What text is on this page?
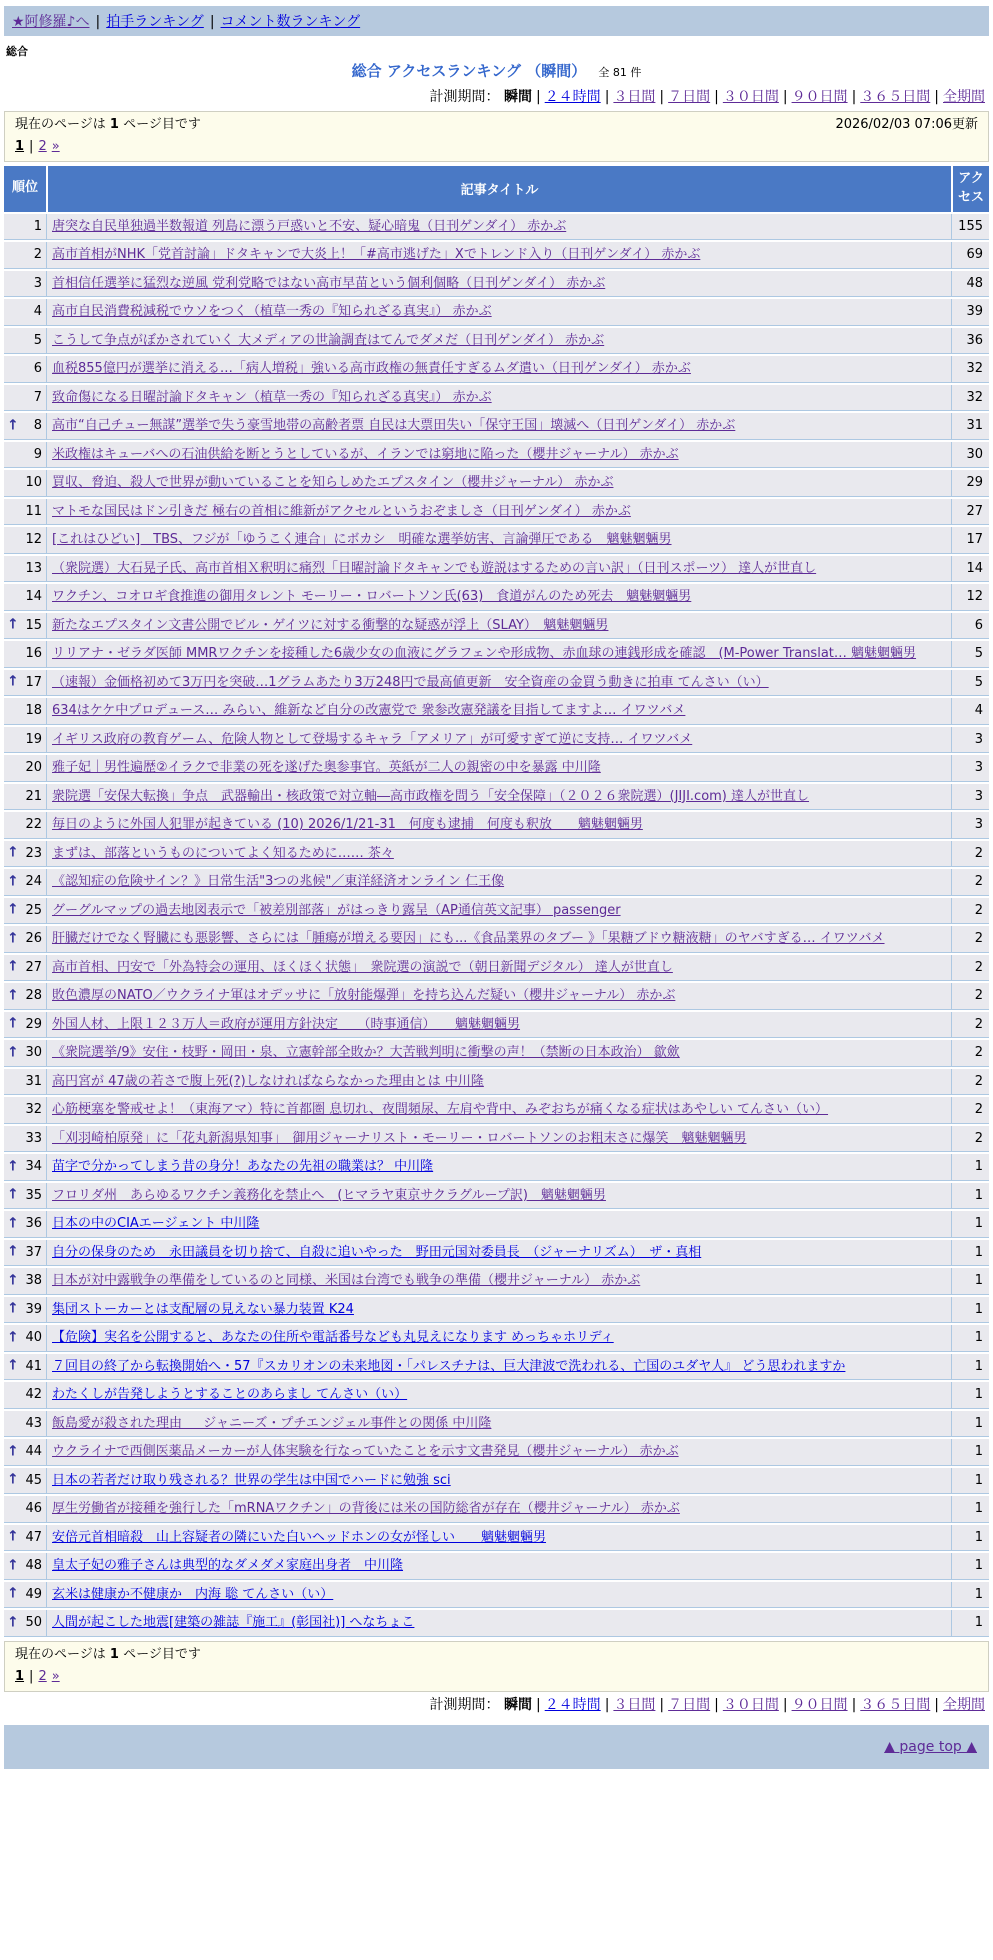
★阿修羅♪へ | 拍手ランキング | コメント数ランキング
総合
総合 アクセスランキング （瞬間） 全 81 件
計測期間： 瞬間 | ２４時間 | ３日間 | ７日間 | ３０日間 | ９０日間 | ３６５日間 | 全期間
現在のページは 1 ページ目です	2026/02/03 07:06更新
1 | 2 »
順位	記事タイトル	アクセス
1	唐突な自民単独過半数報道 列島に漂う戸惑いと不安、疑心暗鬼（日刊ゲンダイ） 赤かぶ	155
2	高市首相がNHK「党首討論」ドタキャンで大炎上！「#高市逃げた」Xでトレンド入り（日刊ゲンダイ） 赤かぶ	69
3	首相信任選挙に猛烈な逆風 党利党略ではない高市早苗という個利個略（日刊ゲンダイ） 赤かぶ	48
4	高市自民消費税減税でウソをつく（植草一秀の『知られざる真実』） 赤かぶ	39
5	こうして争点がぼかされていく 大メディアの世論調査はてんでダメだ（日刊ゲンダイ） 赤かぶ	36
6	血税855億円が選挙に消える…「病人増税」強いる高市政権の無責任すぎるムダ遣い（日刊ゲンダイ） 赤かぶ	32
7	致命傷になる日曜討論ドタキャン（植草一秀の『知られざる真実』） 赤かぶ	32

↑ 8	高市“自己チュー無謀”選挙で失う豪雪地帯の高齢者票 自民は大票田失い「保守王国」壊滅へ（日刊ゲンダイ） 赤かぶ	31
9	米政権はキューバへの石油供給を断とうとしているが、イランでは窮地に陥った（櫻井ジャーナル） 赤かぶ	30
10	買収、脅迫、殺人で世界が動いていることを知らしめたエプスタイン（櫻井ジャーナル） 赤かぶ	29
11	マトモな国民はドン引きだ 極右の首相に維新がアクセルというおぞましさ（日刊ゲンダイ） 赤かぶ	27
12	[これはひどい]　TBS、フジが「ゆうこく連合」にボカシ　明確な選挙妨害、言論弾圧である　魑魅魍魎男	17
13	（衆院選）大石晃子氏、高市首相Ｘ釈明に痛烈「日曜討論ドタキャンでも遊説はするための言い訳」（日刊スポーツ） 達人が世直し	14
14	ワクチン、コオロギ食推進の御用タレント モーリー・ロバートソン氏(63)　食道がんのため死去　魑魅魍魎男	12

↑ 15	新たなエプスタイン文書公開でビル・ゲイツに対する衝撃的な疑惑が浮上（SLAY）　魑魅魍魎男	6
16	リリアナ・ゼラダ医師 MMRワクチンを接種した6歳少女の血液にグラフェンや形成物、赤血球の連銭形成を確認　(M-Power Translat… 魑魅魍魎男	5

↑ 17	（速報）金価格初めて3万円を突破…1グラムあたり3万248円で最高値更新　安全資産の金買う動きに拍車 てんさい（い）	5
18	634はケケ中プロデュース… みらい、維新など自分の改憲党で 衆参改憲発議を目指してますよ… イワツバメ	4
19	イギリス政府の教育ゲーム、危険人物として登場するキャラ「アメリア」が可愛すぎて逆に支持… イワツバメ	3
20	雅子妃｜男性遍歴②イラクで非業の死を遂げた奥参事官。英紙が二人の親密の中を暴露 中川隆	3
21	衆院選「安保大転換」争点　武器輸出・核政策で対立軸―高市政権を問う「安全保障」（２０２６衆院選）(JIJI.com) 達人が世直し	3
22	毎日のように外国人犯罪が起きている (10) 2026/1/21-31　何度も逮捕　何度も釈放　　魑魅魍魎男	3

↑ 23	まずは、部落というものについてよく知るために…… 茶々	2

↑ 24	《認知症の危険サイン？》日常生活"3つの兆候"／東洋経済オンライン 仁王像	2

↑ 25	グーグルマップの過去地図表示で「被差別部落」がはっきり露呈（AP通信英文記事） passenger	2

↑ 26	肝臓だけでなく腎臓にも悪影響、さらには「腫瘍が増える要因」にも...《食品業界のタブー 》「果糖ブドウ糖液糖」のヤバすぎる… イワツバメ	2

↑ 27	高市首相、円安で「外為特会の運用、ほくほく状態」　衆院選の演説で（朝日新聞デジタル） 達人が世直し	2

↑ 28	敗色濃厚のNATO／ウクライナ軍はオデッサに「放射能爆弾」を持ち込んだ疑い（櫻井ジャーナル） 赤かぶ	2

↑ 29	外国人材、上限１２３万人＝政府が運用方針決定　　（時事通信）　　魑魅魍魎男	2

↑ 30	《衆院選挙/9》安住・枝野・岡田・泉、立憲幹部全敗か？大苦戦判明に衝撃の声！（禁断の日本政治） 歙歛	2
31	高円宮が 47歳の若さで腹上死(?)しなければならなかった理由とは 中川隆	2
32	心筋梗塞を警戒せよ！（東海アマ）特に首都圏 息切れ、夜間頻尿、左肩や背中、みぞおちが痛くなる症状はあやしい てんさい（い）	2
33	「刈羽崎柏原発」に「花丸新潟県知事」　御用ジャーナリスト・モーリー・ロバートソンのお粗末さに爆笑　魑魅魍魎男	2

↑ 34	苗字で分かってしまう昔の身分！あなたの先祖の職業は？ 中川隆	1

↑ 35	フロリダ州　あらゆるワクチン義務化を禁止へ　(ヒマラヤ東京サクラグループ訳)　魑魅魍魎男	1

↑ 36	日本の中のCIAエージェント 中川隆	1

↑ 37	自分の保身のため　永田議員を切り捨て、自殺に追いやった　野田元国対委員長　（ジャーナリズム）　ザ・真相	1

↑ 38	日本が対中露戦争の準備をしているのと同様、米国は台湾でも戦争の準備（櫻井ジャーナル） 赤かぶ	1

↑ 39	集団ストーカーとは支配層の見えない暴力装置 K24	1

↑ 40	【危険】実名を公開すると、あなたの住所や電話番号なども丸見えになります めっちゃホリディ	1

↑ 41	７回目の終了から転換開始へ・57『スカリオンの未来地図・「パレスチナは、巨大津波で洗われる、亡国のユダヤ人』 どう思われますか	1
42	わたくしが告発しようとすることのあらまし てんさい（い）	1
43	飯島愛が殺された理由 ＿ ジャニーズ・プチエンジェル事件との関係 中川隆	1

↑ 44	ウクライナで西側医薬品メーカーが人体実験を行なっていたことを示す文書発見（櫻井ジャーナル） 赤かぶ	1

↑ 45	日本の若者だけ取り残される？世界の学生は中国でハードに勉強 sci	1
46	厚生労働省が接種を強行した「mRNAワクチン」の背後には米の国防総省が存在（櫻井ジャーナル） 赤かぶ	1

↑ 47	安倍元首相暗殺　山上容疑者の隣にいた白いヘッドホンの女が怪しい　　魑魅魍魎男	1

↑ 48	皇太子妃の雅子さんは典型的なダメダメ家庭出身者　中川隆	1

↑ 49	玄米は健康か不健康か　内海 聡 てんさい（い）	1

↑ 50	人間が起こした地震[建築の雑誌『施工』(彰国社)] へなちょこ	1
現在のページは 1 ページ目です
1 | 2 »
計測期間： 瞬間 | ２４時間 | ３日間 | ７日間 | ３０日間 | ９０日間 | ３６５日間 | 全期間
▲ page top ▲
